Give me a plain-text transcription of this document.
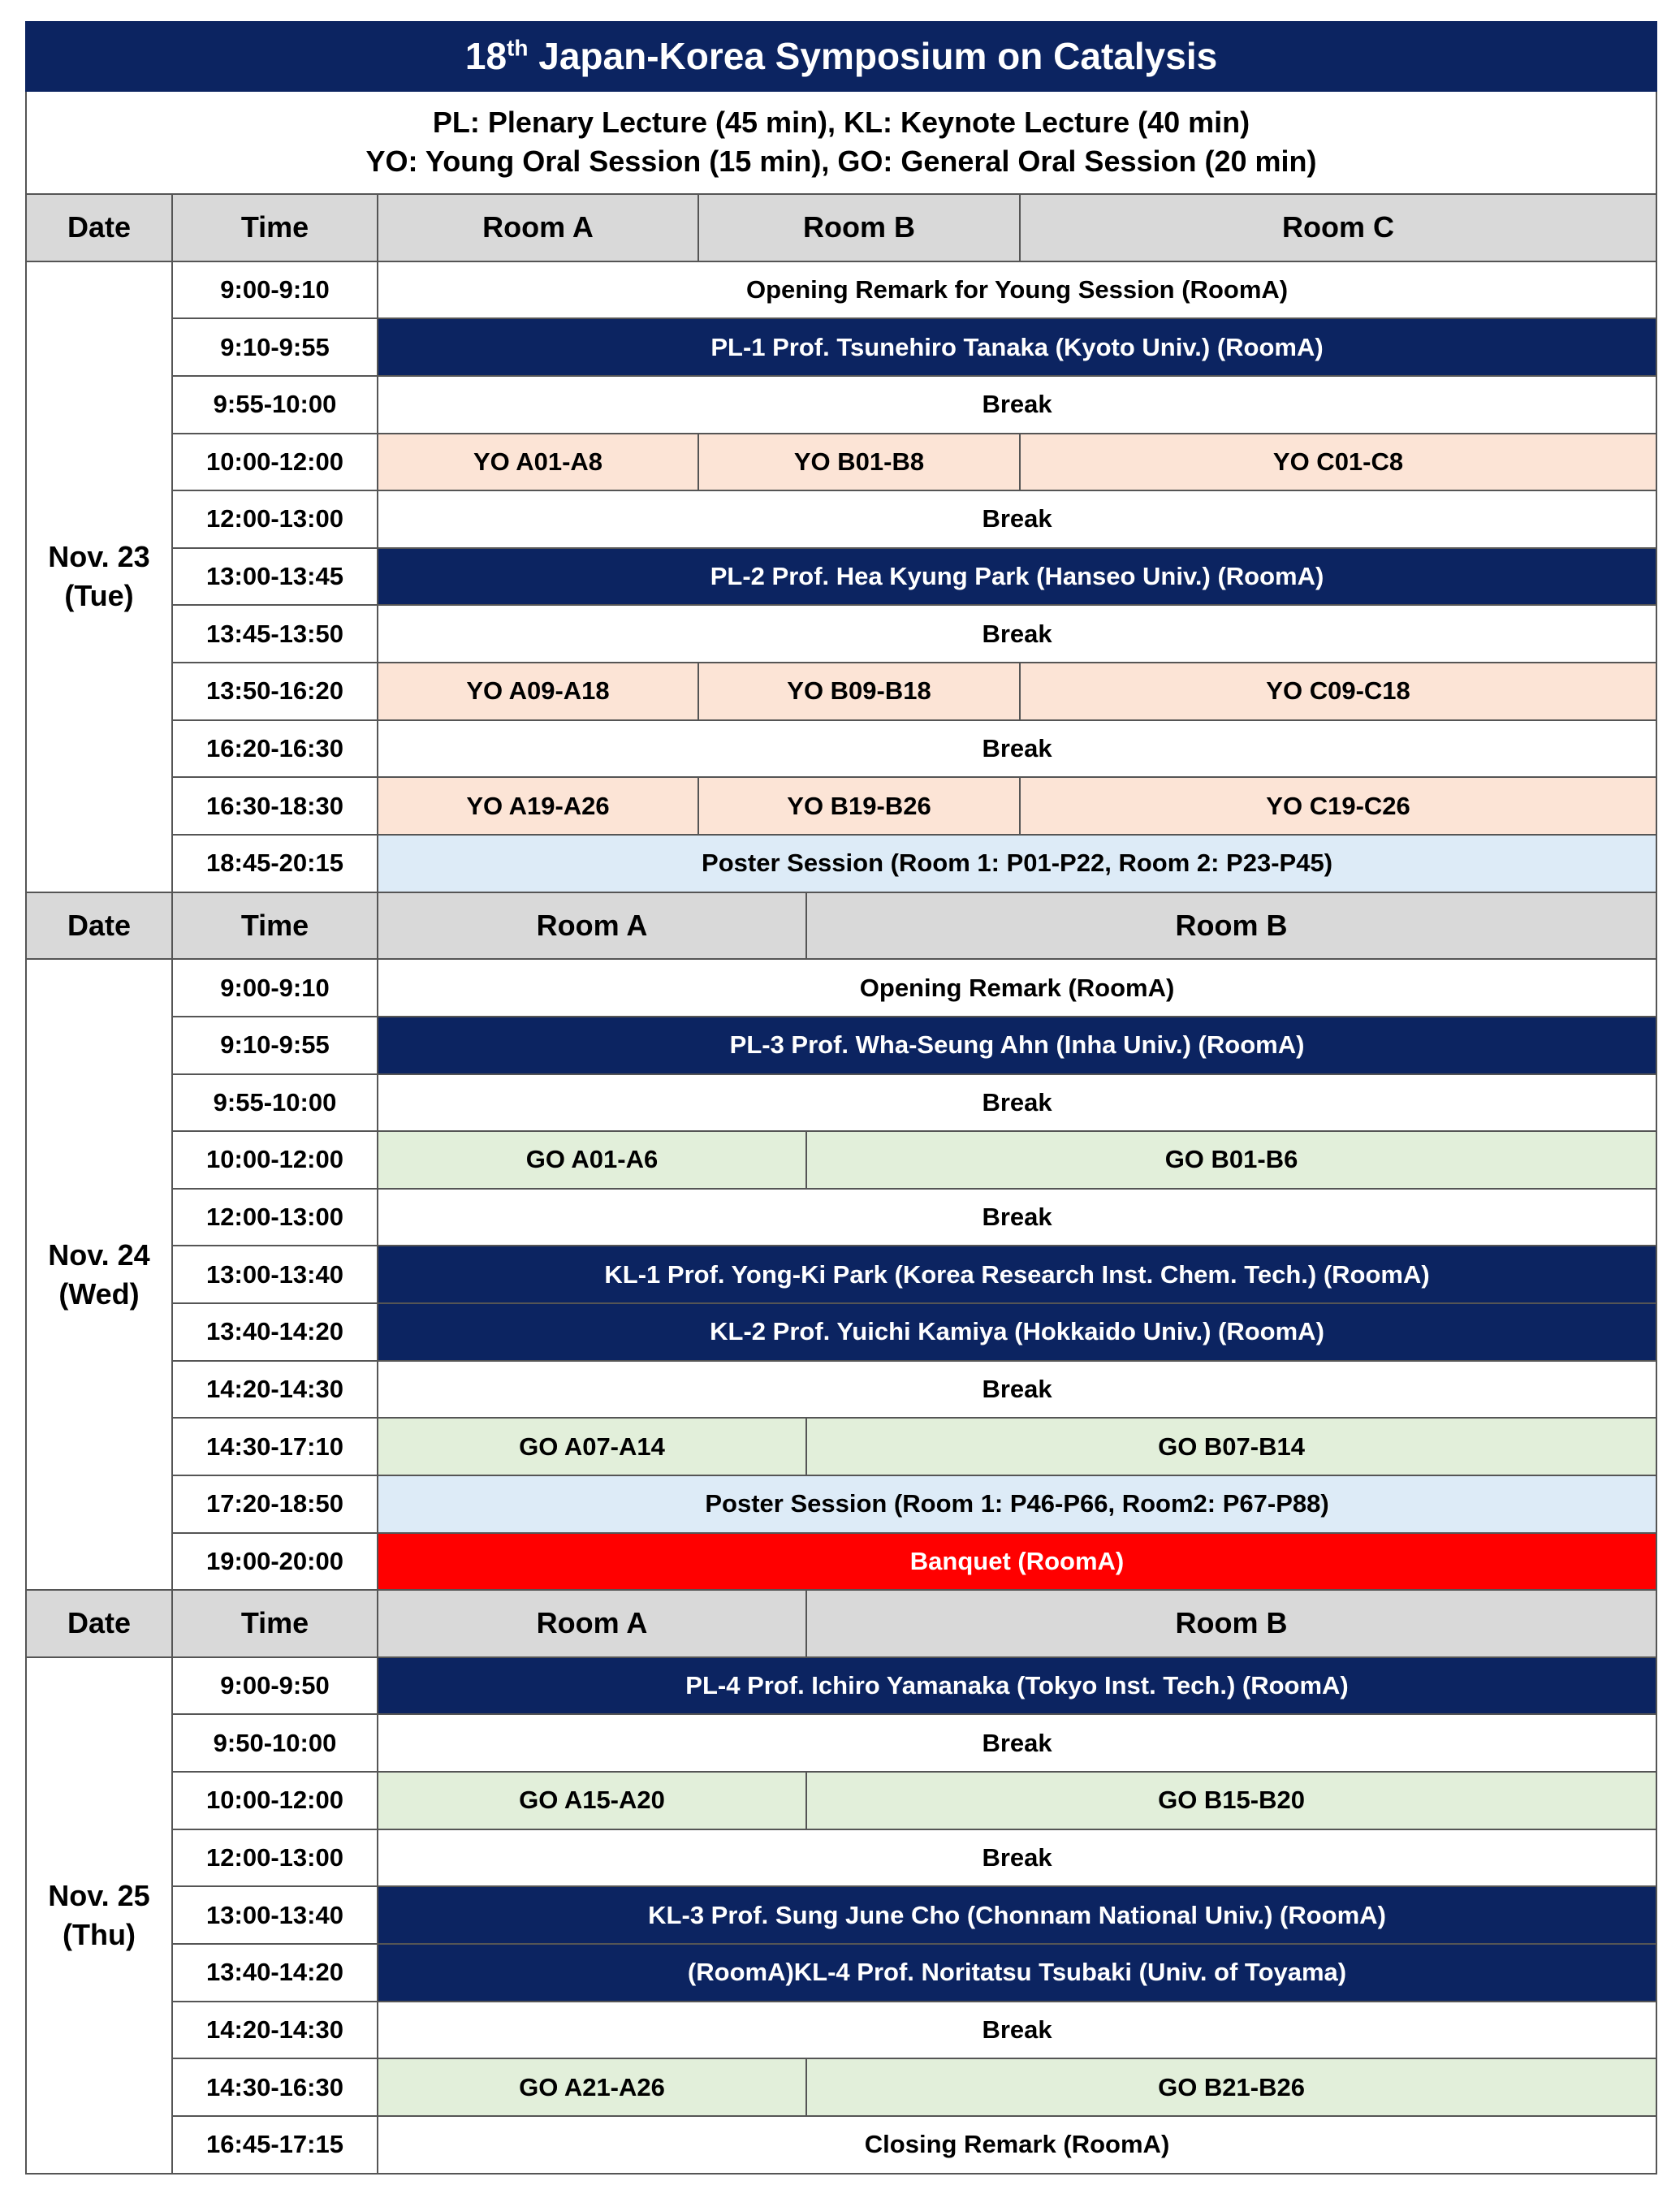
18th Japan-Korea Symposium on Catalysis					

PL: Plenary Lecture (45 min), KL: Keynote Lecture (40 min)
YO: Young Oral Session (15 min), GO: General Oral Session (20 min)					

Date	Time	Room A	Room B		Room C

Nov. 23
(Tue)	9:00-9:10	Opening Remark for Young Session (RoomA)			
	9:10-9:55	PL-1 Prof. Tsunehiro Tanaka (Kyoto Univ.) (RoomA)			
	9:55-10:00	Break			
	10:00-12:00	YO A01-A8	YO B01-B8		YO C01-C8
	12:00-13:00	Break			
	13:00-13:45	PL-2 Prof. Hea Kyung Park (Hanseo Univ.) (RoomA)			
	13:45-13:50	Break			
	13:50-16:20	YO A09-A18	YO B09-B18		YO C09-C18
	16:20-16:30	Break			
	16:30-18:30	YO A19-A26	YO B19-B26		YO C19-C26
	18:45-20:15	Poster Session (Room 1: P01-P22, Room 2: P23-P45)			
Date	Time	Room A		Room B	

Nov. 24
(Wed)	9:00-9:10	Opening Remark (RoomA)			
	9:10-9:55	PL-3 Prof. Wha-Seung Ahn (Inha Univ.) (RoomA)			
	9:55-10:00	Break			
	10:00-12:00	GO A01-A6		GO B01-B6	
	12:00-13:00	Break			
	13:00-13:40	KL-1 Prof. Yong-Ki Park (Korea Research Inst. Chem. Tech.) (RoomA)			
	13:40-14:20	KL-2 Prof. Yuichi Kamiya (Hokkaido Univ.) (RoomA)			
	14:20-14:30	Break			
	14:30-17:10	GO A07-A14		GO B07-B14	
	17:20-18:50	Poster Session (Room 1: P46-P66, Room2: P67-P88)			
	19:00-20:00	Banquet (RoomA)			
Date	Time	Room A		Room B	

Nov. 25
(Thu)	9:00-9:50	PL-4 Prof. Ichiro Yamanaka (Tokyo Inst. Tech.) (RoomA)			
	9:50-10:00	Break			
	10:00-12:00	GO A15-A20		GO B15-B20	
	12:00-13:00	Break			
	13:00-13:40	KL-3 Prof. Sung June Cho (Chonnam National Univ.) (RoomA)			
	13:40-14:20	(RoomA)KL-4 Prof. Noritatsu Tsubaki (Univ. of Toyama)			
	14:20-14:30	Break			
	14:30-16:30	GO A21-A26		GO B21-B26	
	16:45-17:15	Closing Remark (RoomA)			
